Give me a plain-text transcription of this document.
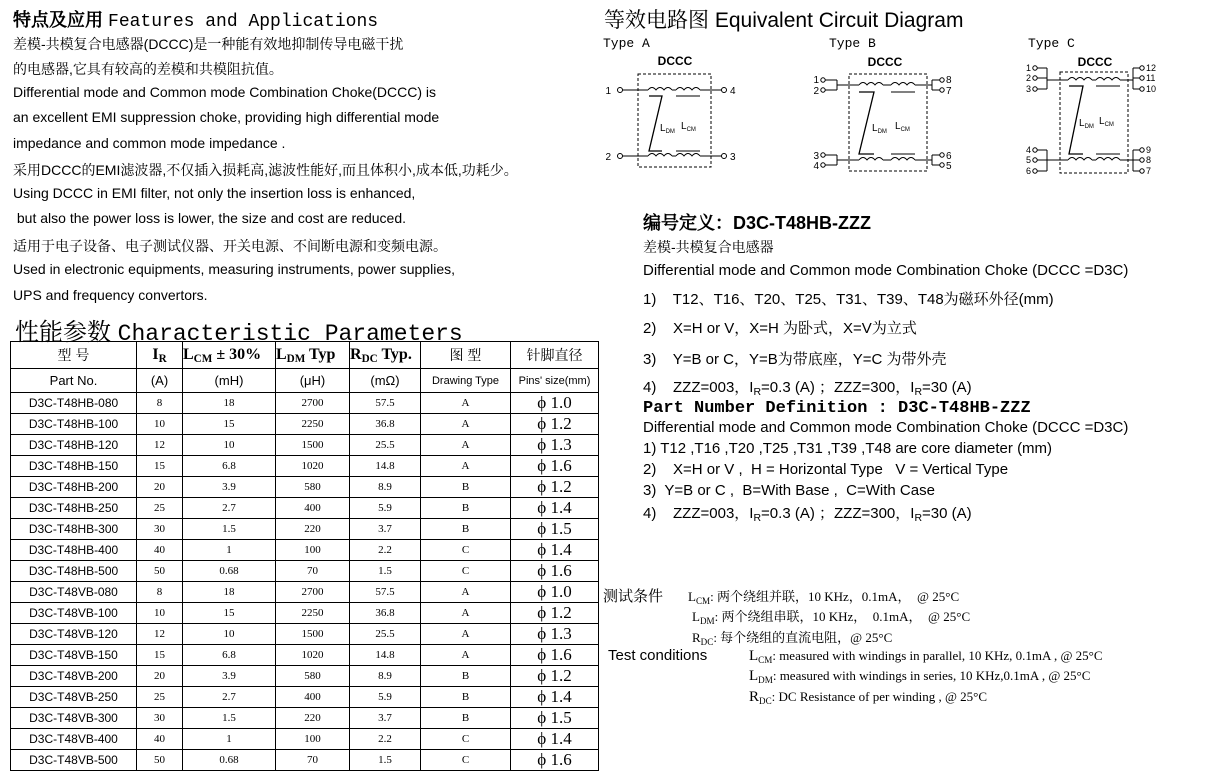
特点及应用 Features and Applications
差模-共模复合电感器(DCCC)是一种能有效地抑制传导电磁干扰
的电感器,它具有较高的差模和共模阻抗值。
Differential mode and Common mode Combination Choke(DCCC) is
an excellent EMI suppression choke, providing high differential mode
impedance and common mode impedance .
采用DCCC的EMI滤波器,不仅插入损耗高,滤波性能好,而且体积小,成本低,功耗少。
Using DCCC in EMI filter, not only the insertion loss is enhanced,
but also the power loss is lower, the size and cost are reduced.
适用于电子设备、电子测试仪器、开关电源、不间断电源和变频电源。
Used in electronic equipments, measuring instruments, power supplies,
UPS and frequency convertors.
性能参数 Characteristic Parameters
型 号	$I_R$	$L_{CM} \pm 30\%$	$L_{DM}$ Typ	$R_{DC}$ Typ.	图 型	针脚直径
Part No.	(A)	(mH)	(μH)	(mΩ)	Drawing Type	Pins' size(mm)
D3C-T48HB-080	8	18	2700	57.5	A	ϕ 1.0
D3C-T48HB-100	10	15	2250	36.8	A	ϕ 1.2
D3C-T48HB-120	12	10	1500	25.5	A	ϕ 1.3
D3C-T48HB-150	15	6.8	1020	14.8	A	ϕ 1.6
D3C-T48HB-200	20	3.9	580	8.9	B	ϕ 1.2
D3C-T48HB-250	25	2.7	400	5.9	B	ϕ 1.4
D3C-T48HB-300	30	1.5	220	3.7	B	ϕ 1.5
D3C-T48HB-400	40	1	100	2.2	C	ϕ 1.4
D3C-T48HB-500	50	0.68	70	1.5	C	ϕ 1.6
D3C-T48VB-080	8	18	2700	57.5	A	ϕ 1.0
D3C-T48VB-100	10	15	2250	36.8	A	ϕ 1.2
D3C-T48VB-120	12	10	1500	25.5	A	ϕ 1.3
D3C-T48VB-150	15	6.8	1020	14.8	A	ϕ 1.6
D3C-T48VB-200	20	3.9	580	8.9	B	ϕ 1.2
D3C-T48VB-250	25	2.7	400	5.9	B	ϕ 1.4
D3C-T48VB-300	30	1.5	220	3.7	B	ϕ 1.5
D3C-T48VB-400	40	1	100	2.2	C	ϕ 1.4
D3C-T48VB-500	50	0.68	70	1.5	C	ϕ 1.6
等效电路图 Equivalent Circuit Diagram
Type A	Type B	Type C
DCCC
$L_{DM}$ $L_{CM}$
1
2
4
3
DCCC
$L_{DM}$ $L_{CM}$
1
2
3
4
8
7
6
5
DCCC
$L_{DM}$ $L_{CM}$
1
2
3
4
5
6
12
11
10
9
8
7
编号定义：D3C-T48HB-ZZZ
差模-共模复合电感器
Differential mode and Common mode Combination Choke (DCCC =D3C)
1)    T12、T16、T20、T25、T31、T39、T48为磁环外径(mm)
2)    X=H or V，X=H 为卧式，X=V为立式
3)    Y=B or C，Y=B为带底座，Y=C 为带外壳
4)    ZZZ=003，$I_R=0.3$ (A) ；ZZZ=300，$I_R=30$ (A)
Part Number Definition : D3C-T48HB-ZZZ
Differential mode and Common mode Combination Choke (DCCC =D3C)
1) T12 ,T16 ,T20 ,T25 ,T31 ,T39 ,T48 are core diameter (mm)
2)    X=H or V ,  H = Horizontal Type   V = Vertical Type
3)  Y=B or C ,  B=With Base ,  C=With Case
4)    ZZZ=003，$I_R=0.3$ (A) ；ZZZ=300，$I_R=30$ (A)
测试条件 $L_{CM}$: 两个绕组并联，10 KHz，0.1mA，  @ 25°C
$L_{DM}$: 两个绕组串联，10 KHz，  0.1mA，  @ 25°C
$R_{DC}$: 每个绕组的直流电阻，@ 25°C
Test conditions	$L_{CM}$: measured with windings in parallel, 10 KHz, 0.1mA , @ 25°C
$L_{DM}$: measured with windings in series, 10 KHz,0.1mA , @ 25°C
$R_{DC}$: DC Resistance of per winding , @ 25°C
